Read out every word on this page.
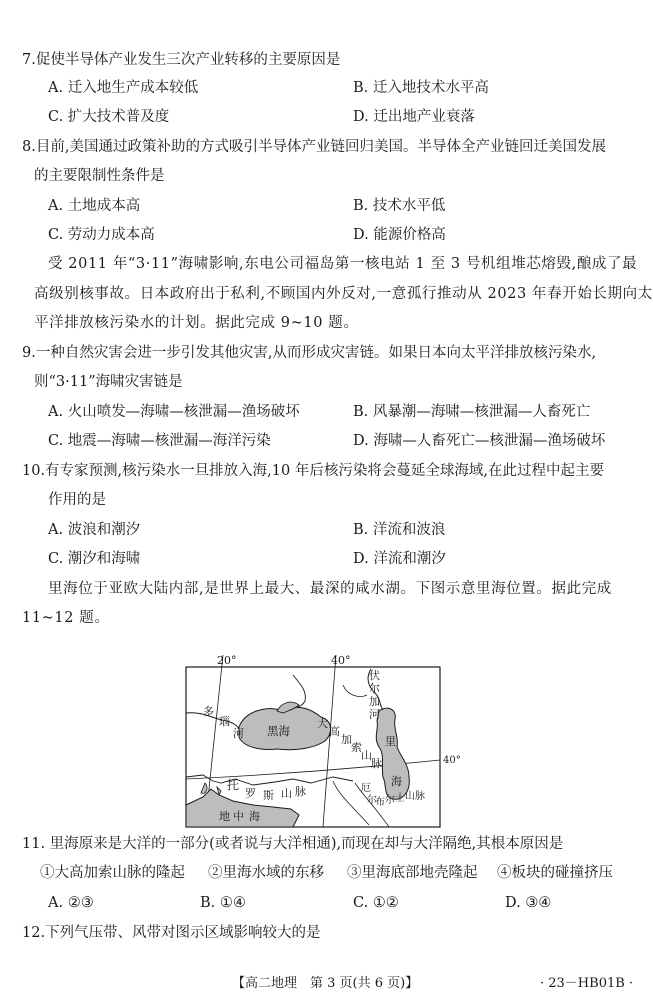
7.促使半导体产业发生三次产业转移的主要原因是
A. 迁入地生产成本较低	B. 迁入地技术水平高
C. 扩大技术普及度	D. 迁出地产业衰落
8.目前,美国通过政策补助的方式吸引半导体产业链回归美国。半导体全产业链回迁美国发展
的主要限制性条件是
A. 土地成本高	B. 技术水平低
C. 劳动力成本高	D. 能源价格高
受 2011 年“3·11”海啸影响,东电公司福岛第一核电站 1 至 3 号机组堆芯熔毁,酿成了最
高级别核事故。日本政府出于私利,不顾国内外反对,一意孤行推动从 2023 年春开始长期向太
平洋排放核污染水的计划。据此完成 9~10 题。
9.一种自然灾害会进一步引发其他灾害,从而形成灾害链。如果日本向太平洋排放核污染水,
则“3·11”海啸灾害链是
A. 火山喷发—海啸—核泄漏—渔场破坏	B. 风暴潮—海啸—核泄漏—人畜死亡
C. 地震—海啸—核泄漏—海洋污染	D. 海啸—人畜死亡—核泄漏—渔场破坏
10.有专家预测,核污染水一旦排放入海,10 年后核污染将会蔓延全球海域,在此过程中起主要
作用的是
A. 波浪和潮汐	B. 洋流和波浪
C. 潮汐和海啸	D. 洋流和潮汐
里海位于亚欧大陆内部,是世界上最大、最深的咸水湖。下图示意里海位置。据此完成
11~12 题。
20°	40°
40°
多
瑙
河
伏
尔
加
河
黑海
大
高
加
索
山
脉
里
海
托
罗 斯 山 脉	厄
尔
布 尔 士 山 脉
地 中 海
11. 里海原来是大洋的一部分(或者说与大洋相通),而现在却与大洋隔绝,其根本原因是
①大高加索山脉的隆起 ②里海水域的东移 ③里海底部地壳隆起 ④板块的碰撞挤压
A. ②③	B. ①④	C. ①②	D. ③④
12.下列气压带、风带对图示区域影响较大的是
【高二地理　第 3 页(共 6 页)】	· 23－HB01B ·
